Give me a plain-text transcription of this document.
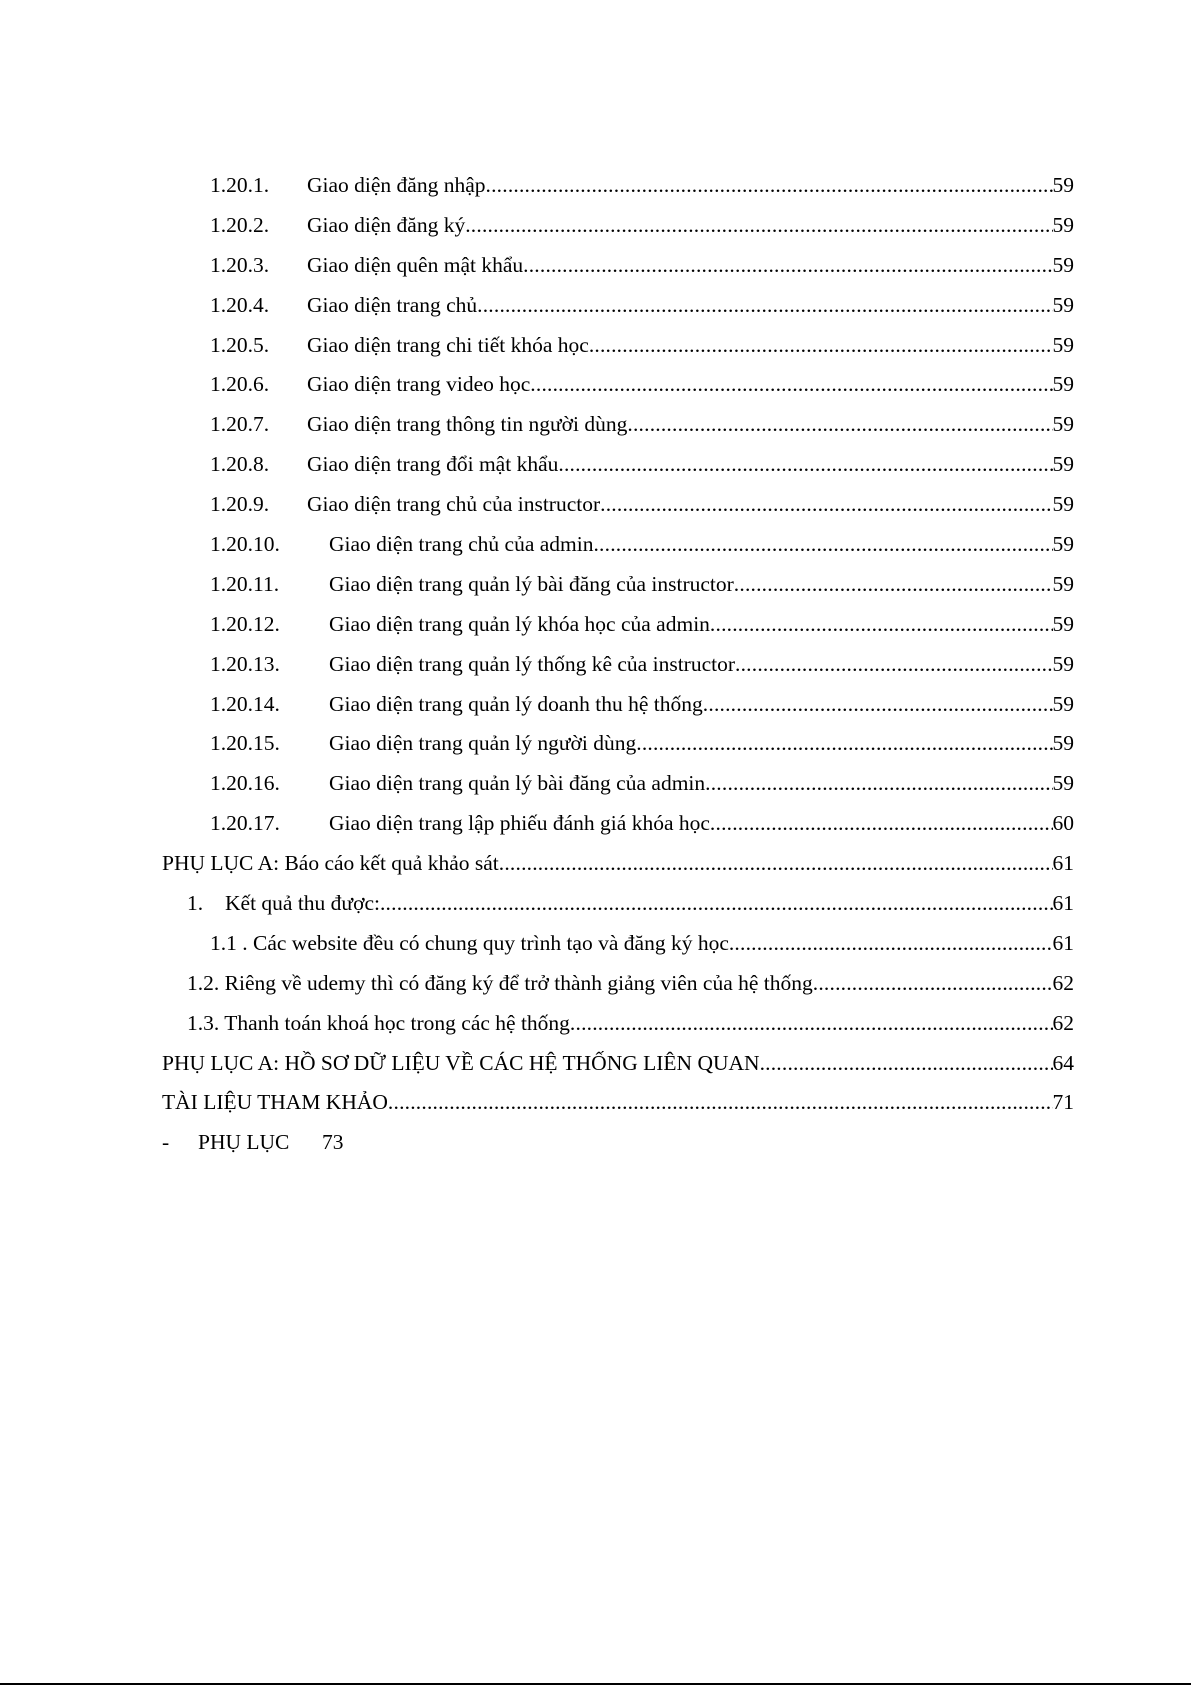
1.20.1.	Giao diện đăng nhập .....	59
1.20.2.	Giao diện đăng ký .....	59
1.20.3.	Giao diện quên mật khẩu .....	59
1.20.4.	Giao diện trang chủ .....	59
1.20.5.	Giao diện trang chi tiết khóa học .....	59
1.20.6.	Giao diện trang video học .....	59
1.20.7.	Giao diện trang thông tin người dùng .....	59
1.20.8.	Giao diện trang đổi mật khẩu .....	59
1.20.9.	Giao diện trang chủ của instructor .....	59
1.20.10.	Giao diện trang chủ của admin .....	59
1.20.11.	Giao diện trang quản lý bài đăng của instructor .....	59
1.20.12.	Giao diện trang quản lý khóa học của admin .....	59
1.20.13.	Giao diện trang quản lý thống kê của instructor .....	59
1.20.14.	Giao diện trang quản lý doanh thu hệ thống .....	59
1.20.15.	Giao diện trang quản lý người dùng .....	59
1.20.16.	Giao diện trang quản lý bài đăng của admin .....	59
1.20.17.	Giao diện trang lập phiếu đánh giá khóa học .....	60
PHỤ LỤC A: Báo cáo kết quả khảo sát .....	61
1.	Kết quả thu được: .....	61
1.1 . Các website đều có chung quy trình tạo và đăng ký học .....	61
1.2. Riêng về udemy thì có đăng ký để trở thành giảng viên của hệ thống .....	62
1.3. Thanh toán khoá học trong các hệ thống .....	62
PHỤ LỤC A: HỒ SƠ DỮ LIỆU VỀ CÁC HỆ THỐNG LIÊN QUAN .....	64
TÀI LIỆU THAM KHẢO .....	71
- PHỤ LỤC 73
